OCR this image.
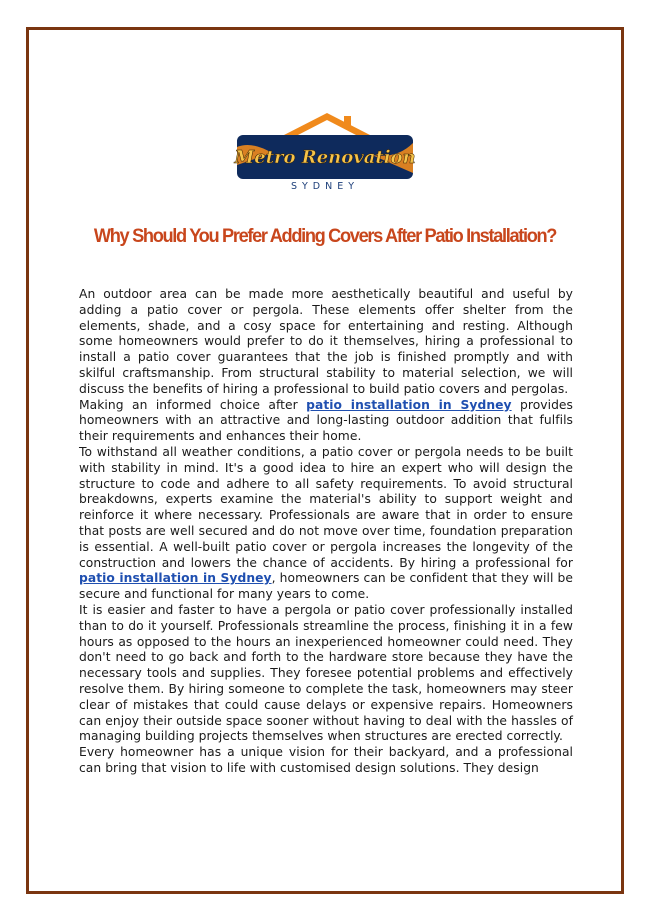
Metro Renovation
SYDNEY
Why Should You Prefer Adding Covers After Patio Installation?

An outdoor area can be made more aesthetically beautiful and useful by adding a patio cover or pergola. These elements offer shelter from the elements, shade, and a cosy space for entertaining and resting. Although some homeowners would prefer to do it themselves, hiring a professional to install a patio cover guarantees that the job is finished promptly and with skilful craftsmanship. From structural stability to material selection, we will discuss the benefits of hiring a professional to build patio covers and pergolas.

Making an informed choice after patio installation in Sydney provides homeowners with an attractive and long-lasting outdoor addition that fulfils their requirements and enhances their home.

To withstand all weather conditions, a patio cover or pergola needs to be built with stability in mind. It's a good idea to hire an expert who will design the structure to code and adhere to all safety requirements. To avoid structural breakdowns, experts examine the material's ability to support weight and reinforce it where necessary. Professionals are aware that in order to ensure that posts are well secured and do not move over time, foundation preparation is essential. A well-built patio cover or pergola increases the longevity of the construction and lowers the chance of accidents. By hiring a professional for patio installation in Sydney, homeowners can be confident that they will be secure and functional for many years to come.

It is easier and faster to have a pergola or patio cover professionally installed than to do it yourself. Professionals streamline the process, finishing it in a few hours as opposed to the hours an inexperienced homeowner could need. They don't need to go back and forth to the hardware store because they have the necessary tools and supplies. They foresee potential problems and effectively resolve them. By hiring someone to complete the task, homeowners may steer clear of mistakes that could cause delays or expensive repairs. Homeowners can enjoy their outside space sooner without having to deal with the hassles of managing building projects themselves when structures are erected correctly.

Every homeowner has a unique vision for their backyard, and a professional can bring that vision to life with customised design solutions. They design
